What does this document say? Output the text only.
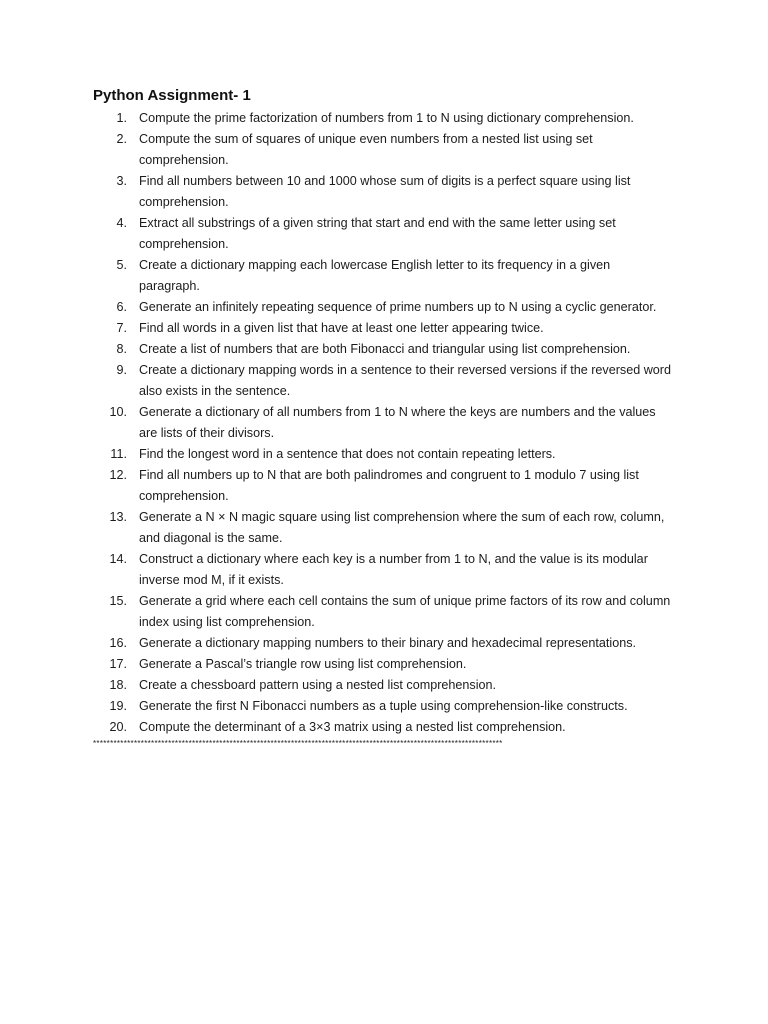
Python Assignment- 1
1. Compute the prime factorization of numbers from 1 to N using dictionary comprehension.
2. Compute the sum of squares of unique even numbers from a nested list using set comprehension.
3. Find all numbers between 10 and 1000 whose sum of digits is a perfect square using list comprehension.
4. Extract all substrings of a given string that start and end with the same letter using set comprehension.
5. Create a dictionary mapping each lowercase English letter to its frequency in a given paragraph.
6. Generate an infinitely repeating sequence of prime numbers up to N using a cyclic generator.
7. Find all words in a given list that have at least one letter appearing twice.
8. Create a list of numbers that are both Fibonacci and triangular using list comprehension.
9. Create a dictionary mapping words in a sentence to their reversed versions if the reversed word also exists in the sentence.
10. Generate a dictionary of all numbers from 1 to N where the keys are numbers and the values are lists of their divisors.
11. Find the longest word in a sentence that does not contain repeating letters.
12. Find all numbers up to N that are both palindromes and congruent to 1 modulo 7 using list comprehension.
13. Generate a N × N magic square using list comprehension where the sum of each row, column, and diagonal is the same.
14. Construct a dictionary where each key is a number from 1 to N, and the value is its modular inverse mod M, if it exists.
15. Generate a grid where each cell contains the sum of unique prime factors of its row and column index using list comprehension.
16. Generate a dictionary mapping numbers to their binary and hexadecimal representations.
17. Generate a Pascal’s triangle row using list comprehension.
18. Create a chessboard pattern using a nested list comprehension.
19. Generate the first N Fibonacci numbers as a tuple using comprehension-like constructs.
20. Compute the determinant of a 3×3 matrix using a nested list comprehension.
************************************************************************************************************************
